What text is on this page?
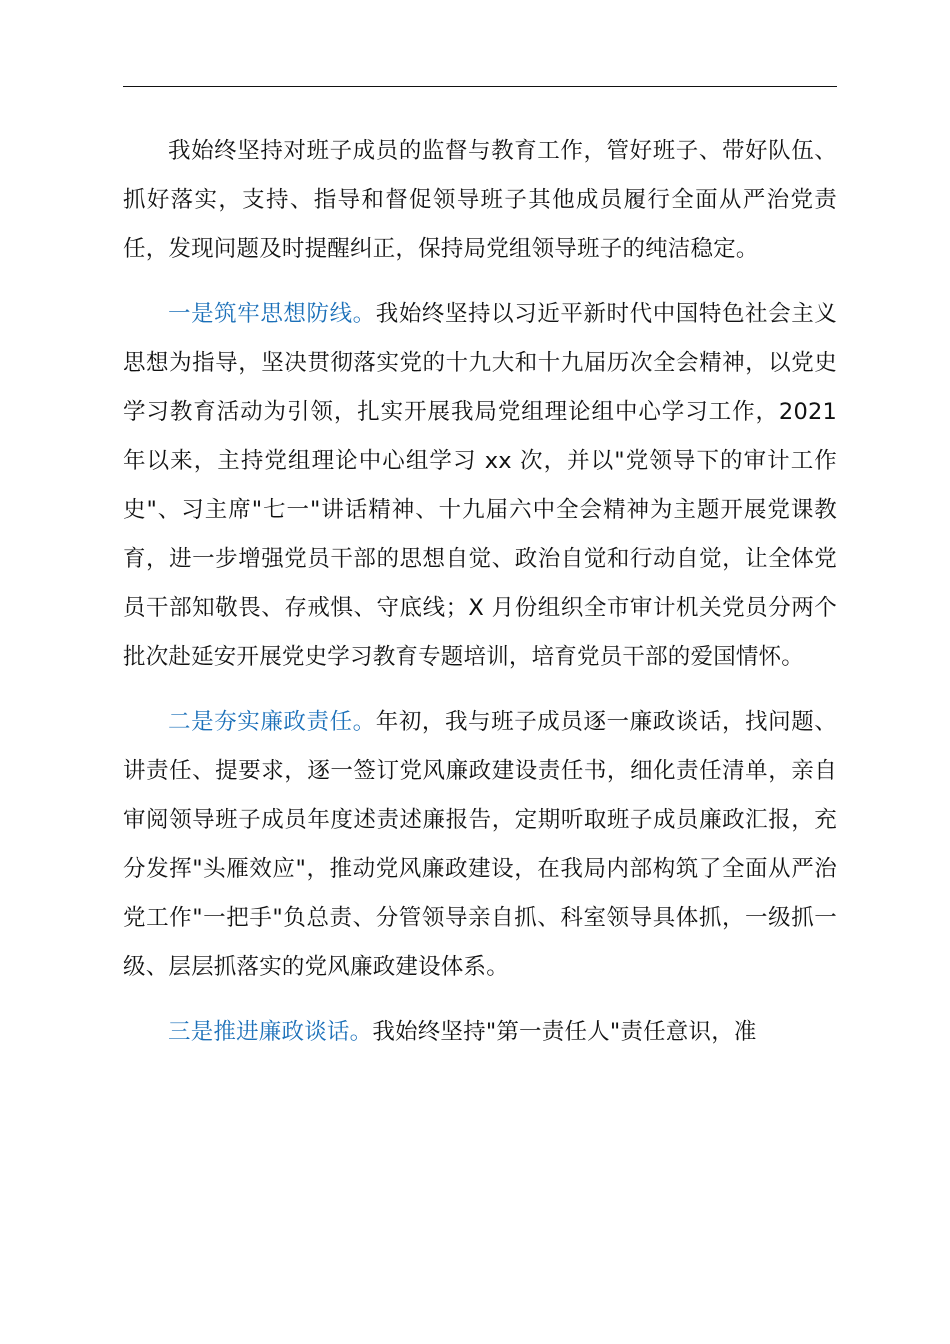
我始终坚持对班子成员的监督与教育工作，管好班子、带好队伍、抓好落实，支持、指导和督促领导班子其他成员履行全面从严治党责任，发现问题及时提醒纠正，保持局党组领导班子的纯洁稳定。

一是筑牢思想防线。我始终坚持以习近平新时代中国特色社会主义思想为指导，坚决贯彻落实党的十九大和十九届历次全会精神，以党史学习教育活动为引领，扎实开展我局党组理论组中心学习工作，2021 年以来，主持党组理论中心组学习 xx 次，并以"党领导下的审计工作史"、习主席"七一"讲话精神、十九届六中全会精神为主题开展党课教育，进一步增强党员干部的思想自觉、政治自觉和行动自觉，让全体党员干部知敬畏、存戒惧、守底线；X 月份组织全市审计机关党员分两个批次赴延安开展党史学习教育专题培训，培育党员干部的爱国情怀。

二是夯实廉政责任。年初，我与班子成员逐一廉政谈话，找问题、讲责任、提要求，逐一签订党风廉政建设责任书，细化责任清单，亲自审阅领导班子成员年度述责述廉报告，定期听取班子成员廉政汇报，充分发挥"头雁效应"，推动党风廉政建设，在我局内部构筑了全面从严治党工作"一把手"负总责、分管领导亲自抓、科室领导具体抓，一级抓一级、层层抓落实的党风廉政建设体系。

三是推进廉政谈话。我始终坚持"第一责任人"责任意识，准
